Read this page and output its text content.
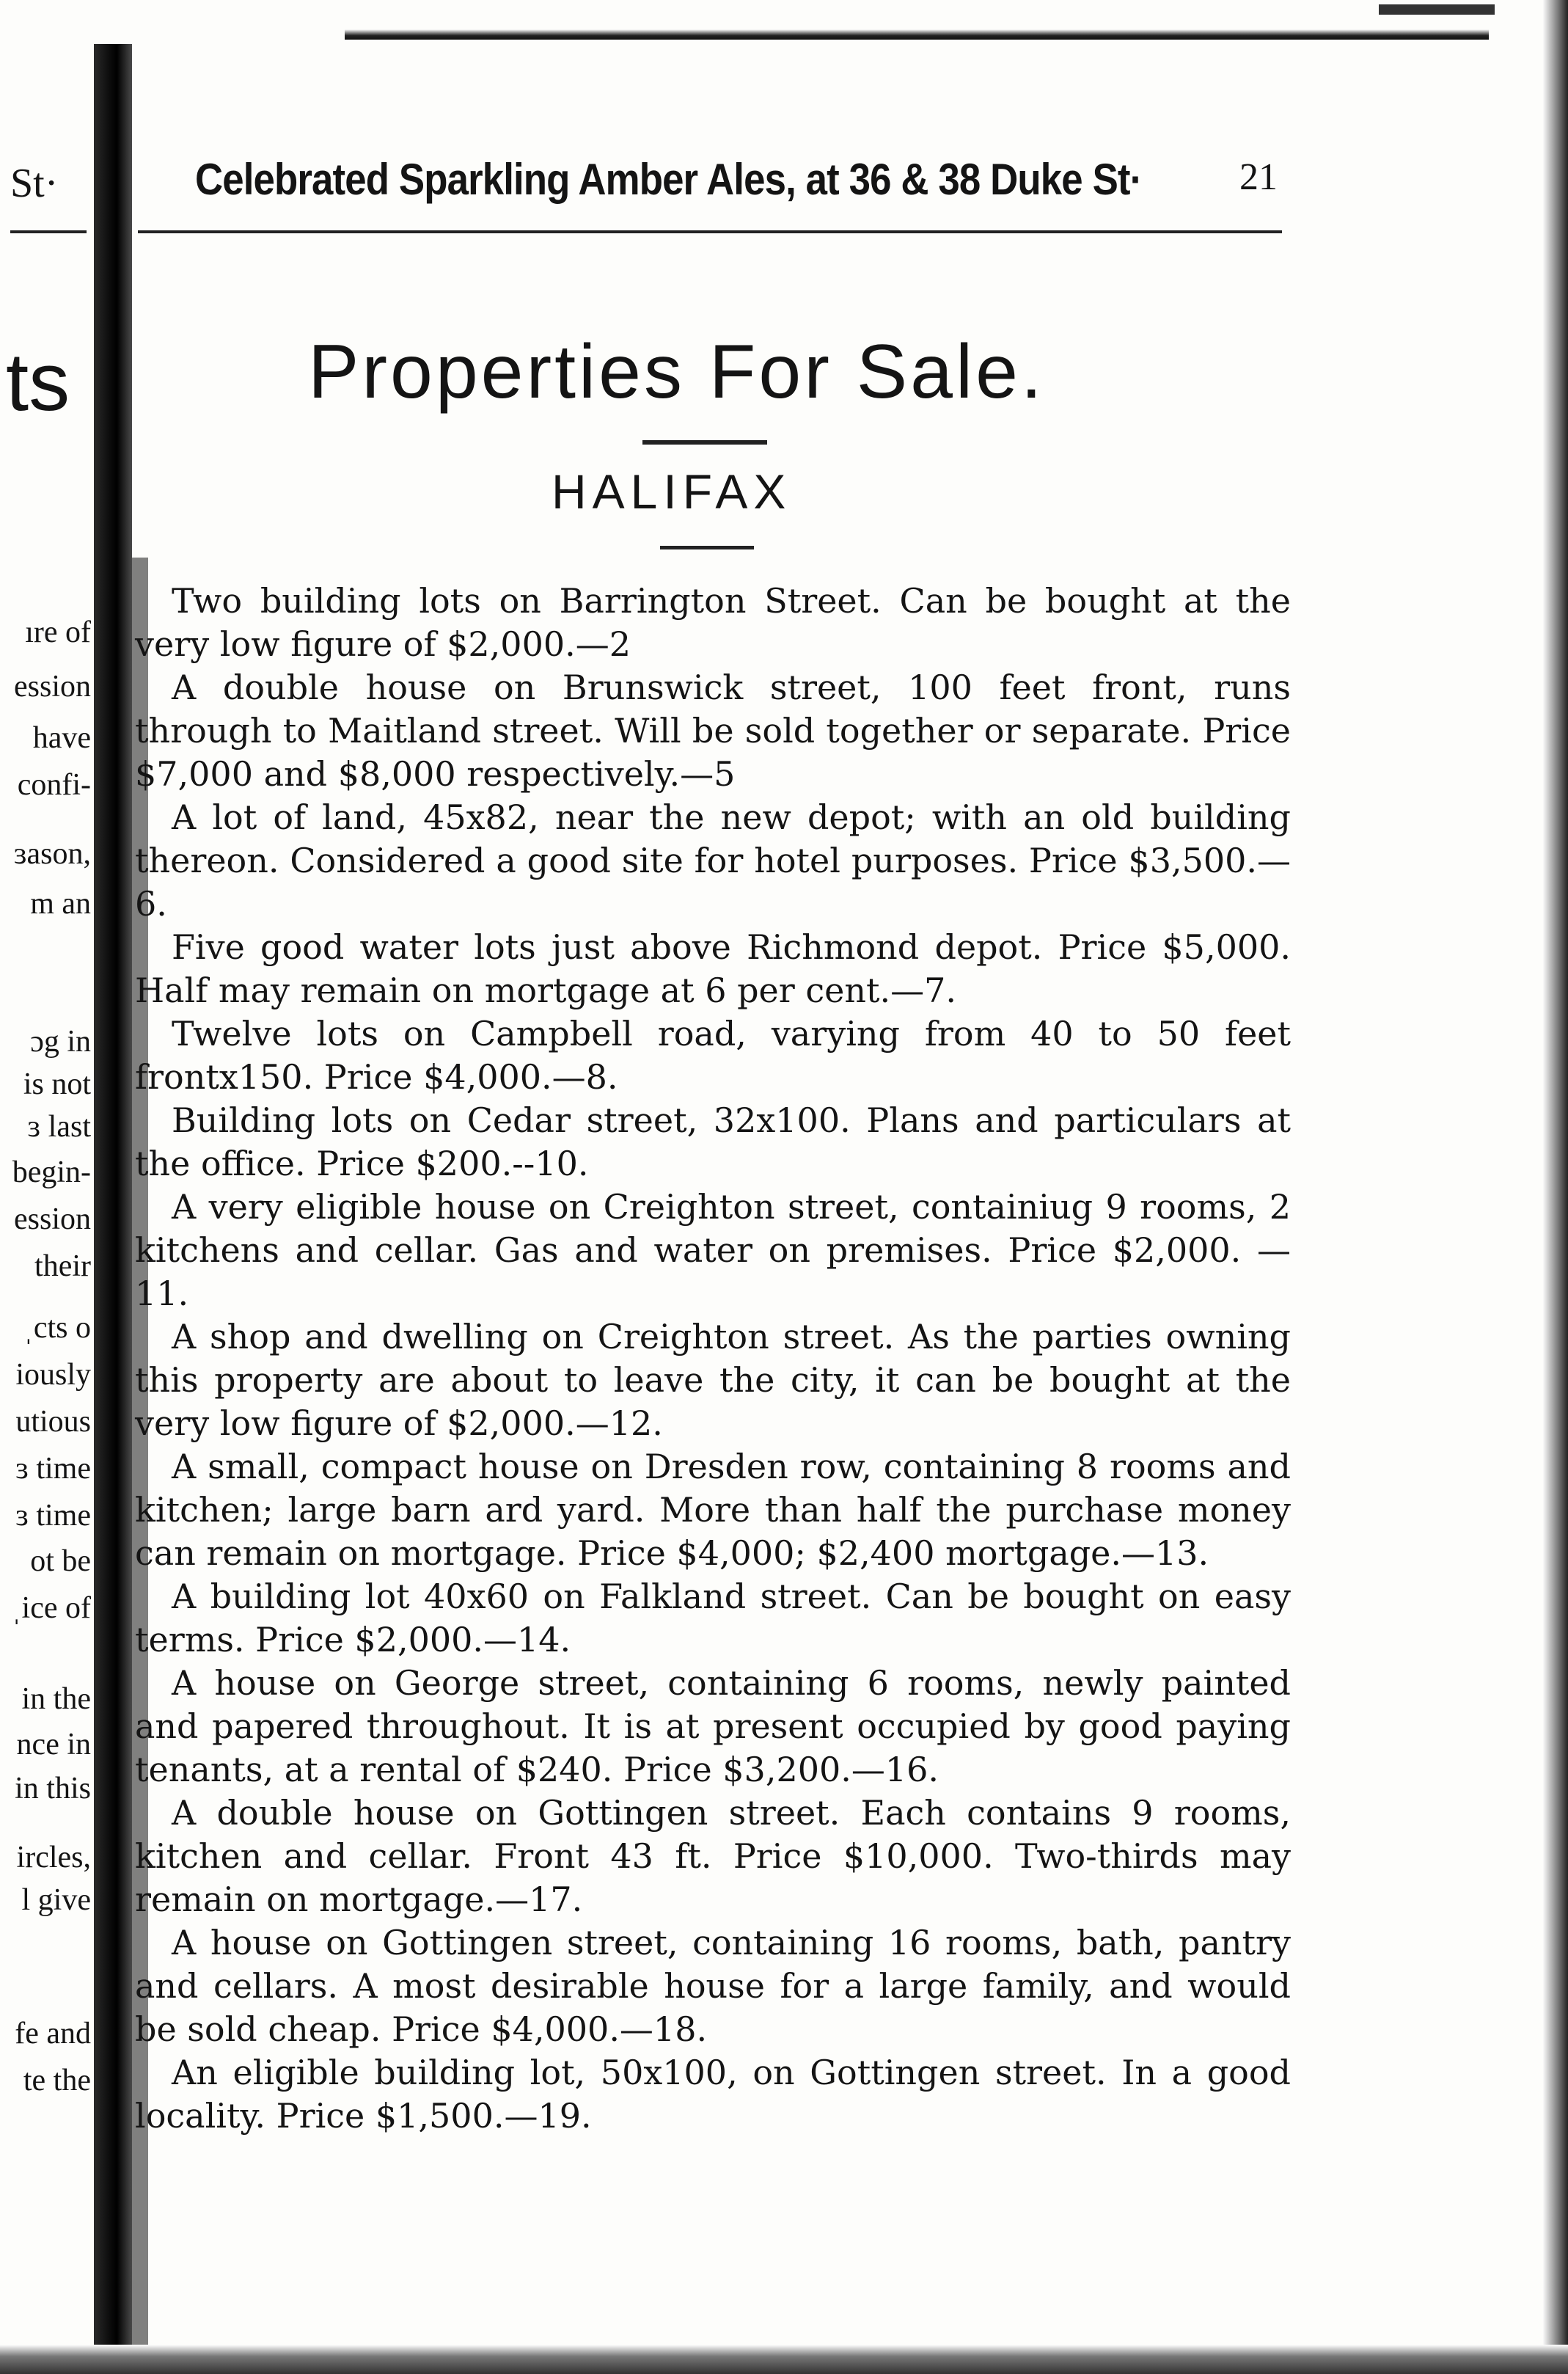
St·	Celebrated Sparkling Amber Ales, at 36 & 38 Duke St·	21
ts	Properties For Sale.
HALIFAX
Two building lots on Barrington Street. Can be bought at the very low figure of $2,000.—2
A double house on Brunswick street, 100 feet front, runs through to Maitland street. Will be sold together or separate. Price $7,000 and $8,000 respectively.—5
A lot of land, 45x82, near the new depot; with an old building thereon. Considered a good site for hotel purposes. Price $3,500.—6.
Five good water lots just above Richmond depot. Price $5,000. Half may remain on mortgage at 6 per cent.—7.
Twelve lots on Campbell road, varying from 40 to 50 feet frontx150. Price $4,000.—8.
Building lots on Cedar street, 32x100. Plans and particulars at the office. Price $200.--10.
A very eligible house on Creighton street, containiug 9 rooms, 2 kitchens and cellar. Gas and water on premises. Price $2,000. —11.
A shop and dwelling on Creighton street. As the parties owning this property are about to leave the city, it can be bought at the very low figure of $2,000.—12.
A small, compact house on Dresden row, containing 8 rooms and kitchen; large barn ard yard. More than half the purchase money can remain on mortgage. Price $4,000; $2,400 mortgage.—13.
A building lot 40x60 on Falkland street. Can be bought on easy terms. Price $2,000.—14.
A house on George street, containing 6 rooms, newly painted and papered throughout. It is at present occupied by good paying tenants, at a rental of $240. Price $3,200.—16.
A double house on Gottingen street. Each contains 9 rooms, kitchen and cellar. Front 43 ft. Price $10,000. Two-thirds may remain on mortgage.—17.
A house on Gottingen street, containing 16 rooms, bath, pantry and cellars. A most desirable house for a large family, and would be sold cheap. Price $4,000.—18.
An eligible building lot, 50x100, on Gottingen street. In a good locality. Price $1,500.—19.
ıre of
ession
have
confi-
ɜason,
m an
ɔg in
is not
ɜ last
begin-
ession
their
ˌcts o
iously
utious
ɜ time
ɜ time
ot be
ˌice of
in the
nce in
in this
ircles,
l give
fe and
te the
